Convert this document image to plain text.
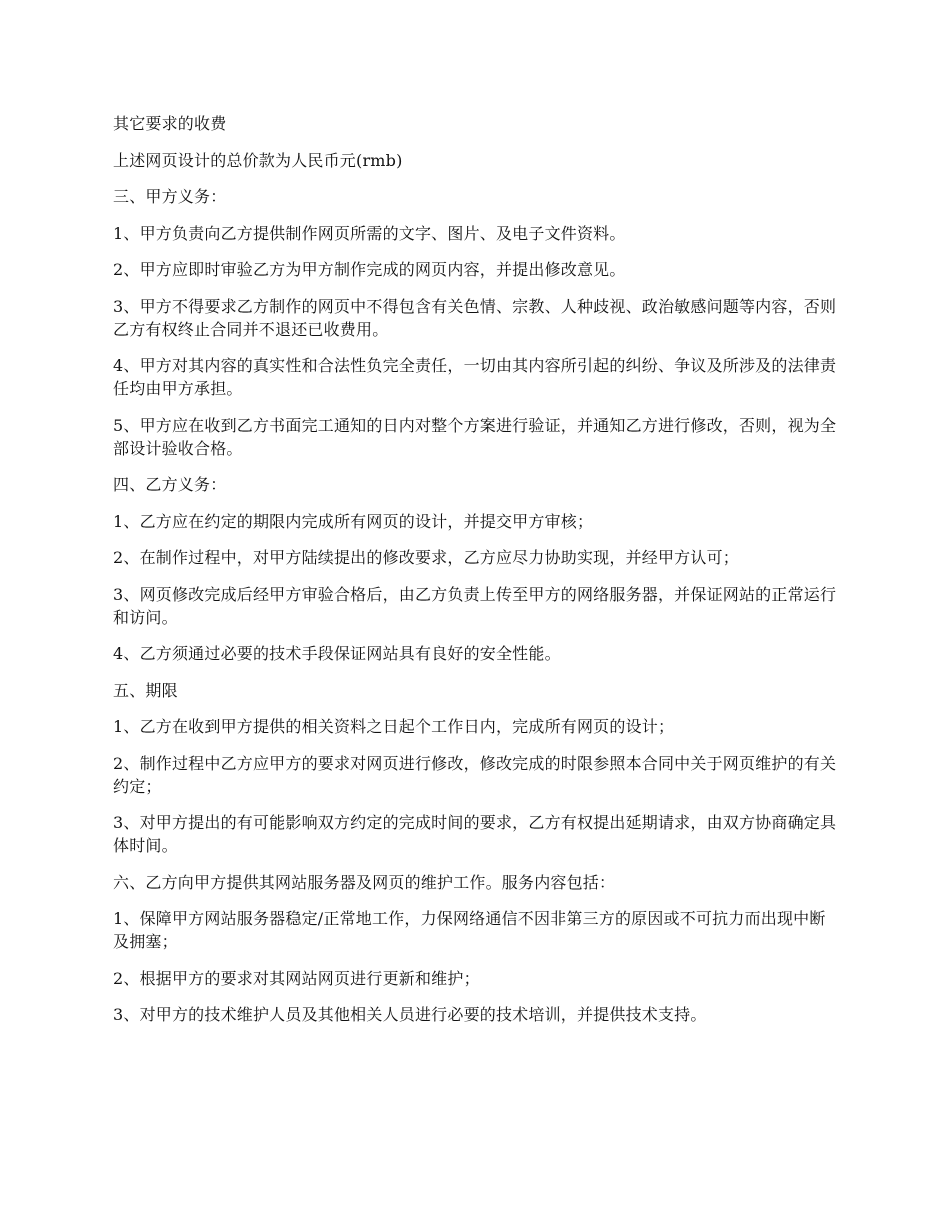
其它要求的收费

上述网页设计的总价款为人民币元(rmb)

三、甲方义务：

1、甲方负责向乙方提供制作网页所需的文字、图片、及电子文件资料。

2、甲方应即时审验乙方为甲方制作完成的网页内容，并提出修改意见。

3、甲方不得要求乙方制作的网页中不得包含有关色情、宗教、人种歧视、政治敏感问题等内容，否则乙方有权终止合同并不退还已收费用。

4、甲方对其内容的真实性和合法性负完全责任，一切由其内容所引起的纠纷、争议及所涉及的法律责任均由甲方承担。

5、甲方应在收到乙方书面完工通知的日内对整个方案进行验证，并通知乙方进行修改，否则，视为全部设计验收合格。

四、乙方义务：

1、乙方应在约定的期限内完成所有网页的设计，并提交甲方审核；

2、在制作过程中，对甲方陆续提出的修改要求，乙方应尽力协助实现，并经甲方认可；

3、网页修改完成后经甲方审验合格后，由乙方负责上传至甲方的网络服务器，并保证网站的正常运行和访问。

4、乙方须通过必要的技术手段保证网站具有良好的安全性能。

五、期限

1、乙方在收到甲方提供的相关资料之日起个工作日内，完成所有网页的设计；

2、制作过程中乙方应甲方的要求对网页进行修改，修改完成的时限参照本合同中关于网页维护的有关约定；

3、对甲方提出的有可能影响双方约定的完成时间的要求，乙方有权提出延期请求，由双方协商确定具体时间。

六、乙方向甲方提供其网站服务器及网页的维护工作。服务内容包括：

1、保障甲方网站服务器稳定/正常地工作，力保网络通信不因非第三方的原因或不可抗力而出现中断及拥塞；

2、根据甲方的要求对其网站网页进行更新和维护；

3、对甲方的技术维护人员及其他相关人员进行必要的技术培训，并提供技术支持。
